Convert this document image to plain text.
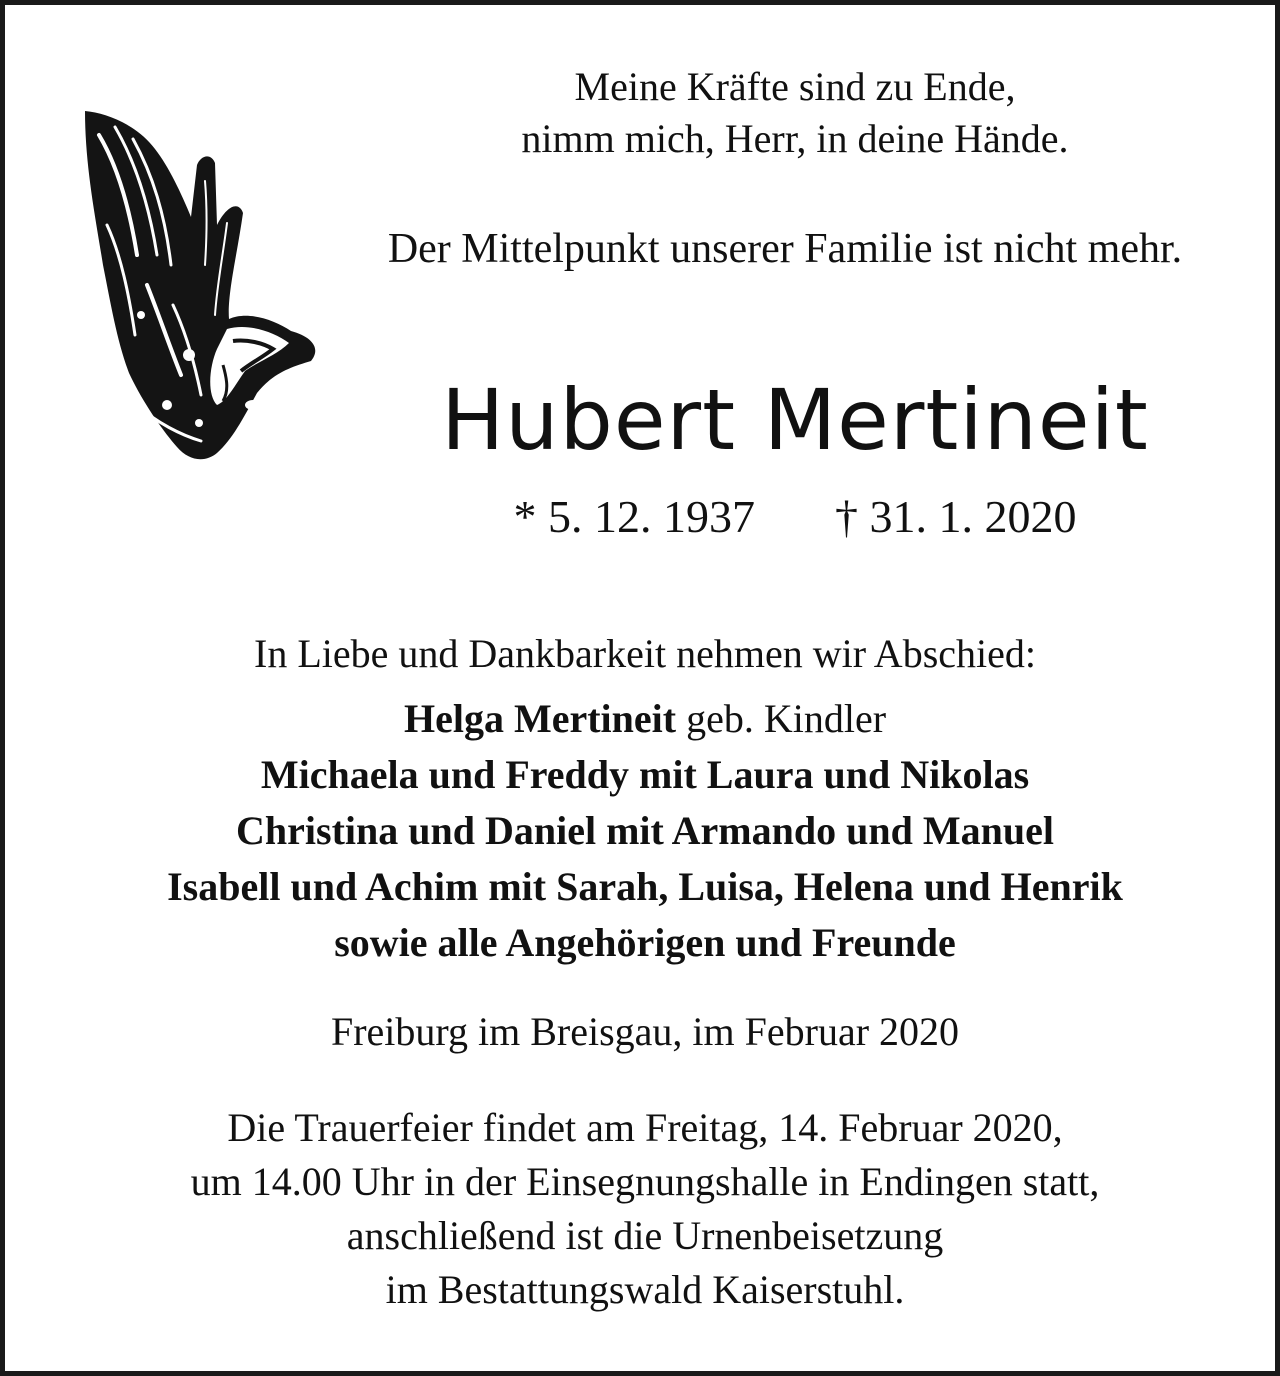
Meine Kräfte sind zu Ende,
nimm mich, Herr, in deine Hände.
Der Mittelpunkt unserer Familie ist nicht mehr.
Hubert Mertineit
* 5. 12. 1937 † 31. 1. 2020
In Liebe und Dankbarkeit nehmen wir Abschied:
Helga Mertineit geb. Kindler
Michaela und Freddy mit Laura und Nikolas
Christina und Daniel mit Armando und Manuel
Isabell und Achim mit Sarah, Luisa, Helena und Henrik
sowie alle Angehörigen und Freunde
Freiburg im Breisgau, im Februar 2020
Die Trauerfeier findet am Freitag, 14. Februar 2020,
um 14.00 Uhr in der Einsegnungshalle in Endingen statt,
anschließend ist die Urnenbeisetzung
im Bestattungswald Kaiserstuhl.
